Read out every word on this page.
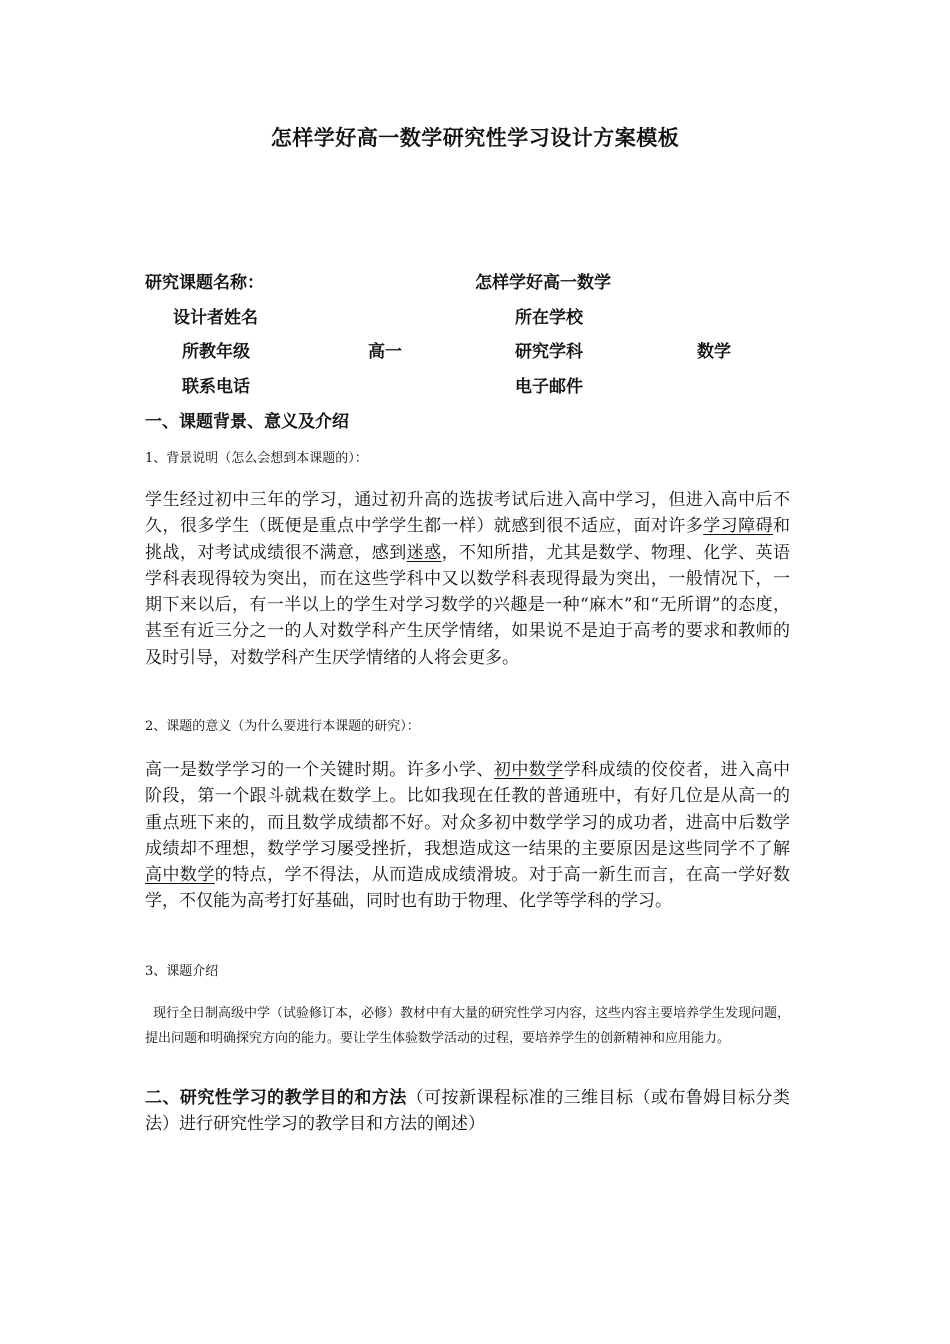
怎样学好高一数学研究性学习设计方案模板
研究课题名称：	怎样学好高一数学
设计者姓名	所在学校
所教年级	高一	研究学科	数学
联系电话	电子邮件
一、课题背景、意义及介绍
1、背景说明（怎么会想到本课题的）：
学生经过初中三年的学习，通过初升高的选拔考试后进入高中学习，但进入高中后不久，很多学生（既便是重点中学学生都一样）就感到很不适应，面对许多学习障碍和挑战，对考试成绩很不满意，感到迷惑，不知所措，尤其是数学、物理、化学、英语学科表现得较为突出，而在这些学科中又以数学科表现得最为突出，一般情况下，一期下来以后，有一半以上的学生对学习数学的兴趣是一种“麻木”和“无所谓”的态度，甚至有近三分之一的人对数学科产生厌学情绪，如果说不是迫于高考的要求和教师的及时引导，对数学科产生厌学情绪的人将会更多。
2、课题的意义（为什么要进行本课题的研究）：
高一是数学学习的一个关键时期。许多小学、初中数学学科成绩的佼佼者，进入高中阶段，第一个跟斗就栽在数学上。比如我现在任教的普通班中，有好几位是从高一的重点班下来的，而且数学成绩都不好。对众多初中数学学习的成功者，进高中后数学成绩却不理想，数学学习屡受挫折，我想造成这一结果的主要原因是这些同学不了解高中数学的特点，学不得法，从而造成成绩滑坡。对于高一新生而言，在高一学好数学，不仅能为高考打好基础，同时也有助于物理、化学等学科的学习。
3、课题介绍
现行全日制高级中学（试验修订本，必修）教材中有大量的研究性学习内容，这些内容主要培养学生发现问题，提出问题和明确探究方向的能力。要让学生体验数学活动的过程，要培养学生的创新精神和应用能力。
二、研究性学习的教学目的和方法（可按新课程标准的三维目标（或布鲁姆目标分类法）进行研究性学习的教学目和方法的阐述）
